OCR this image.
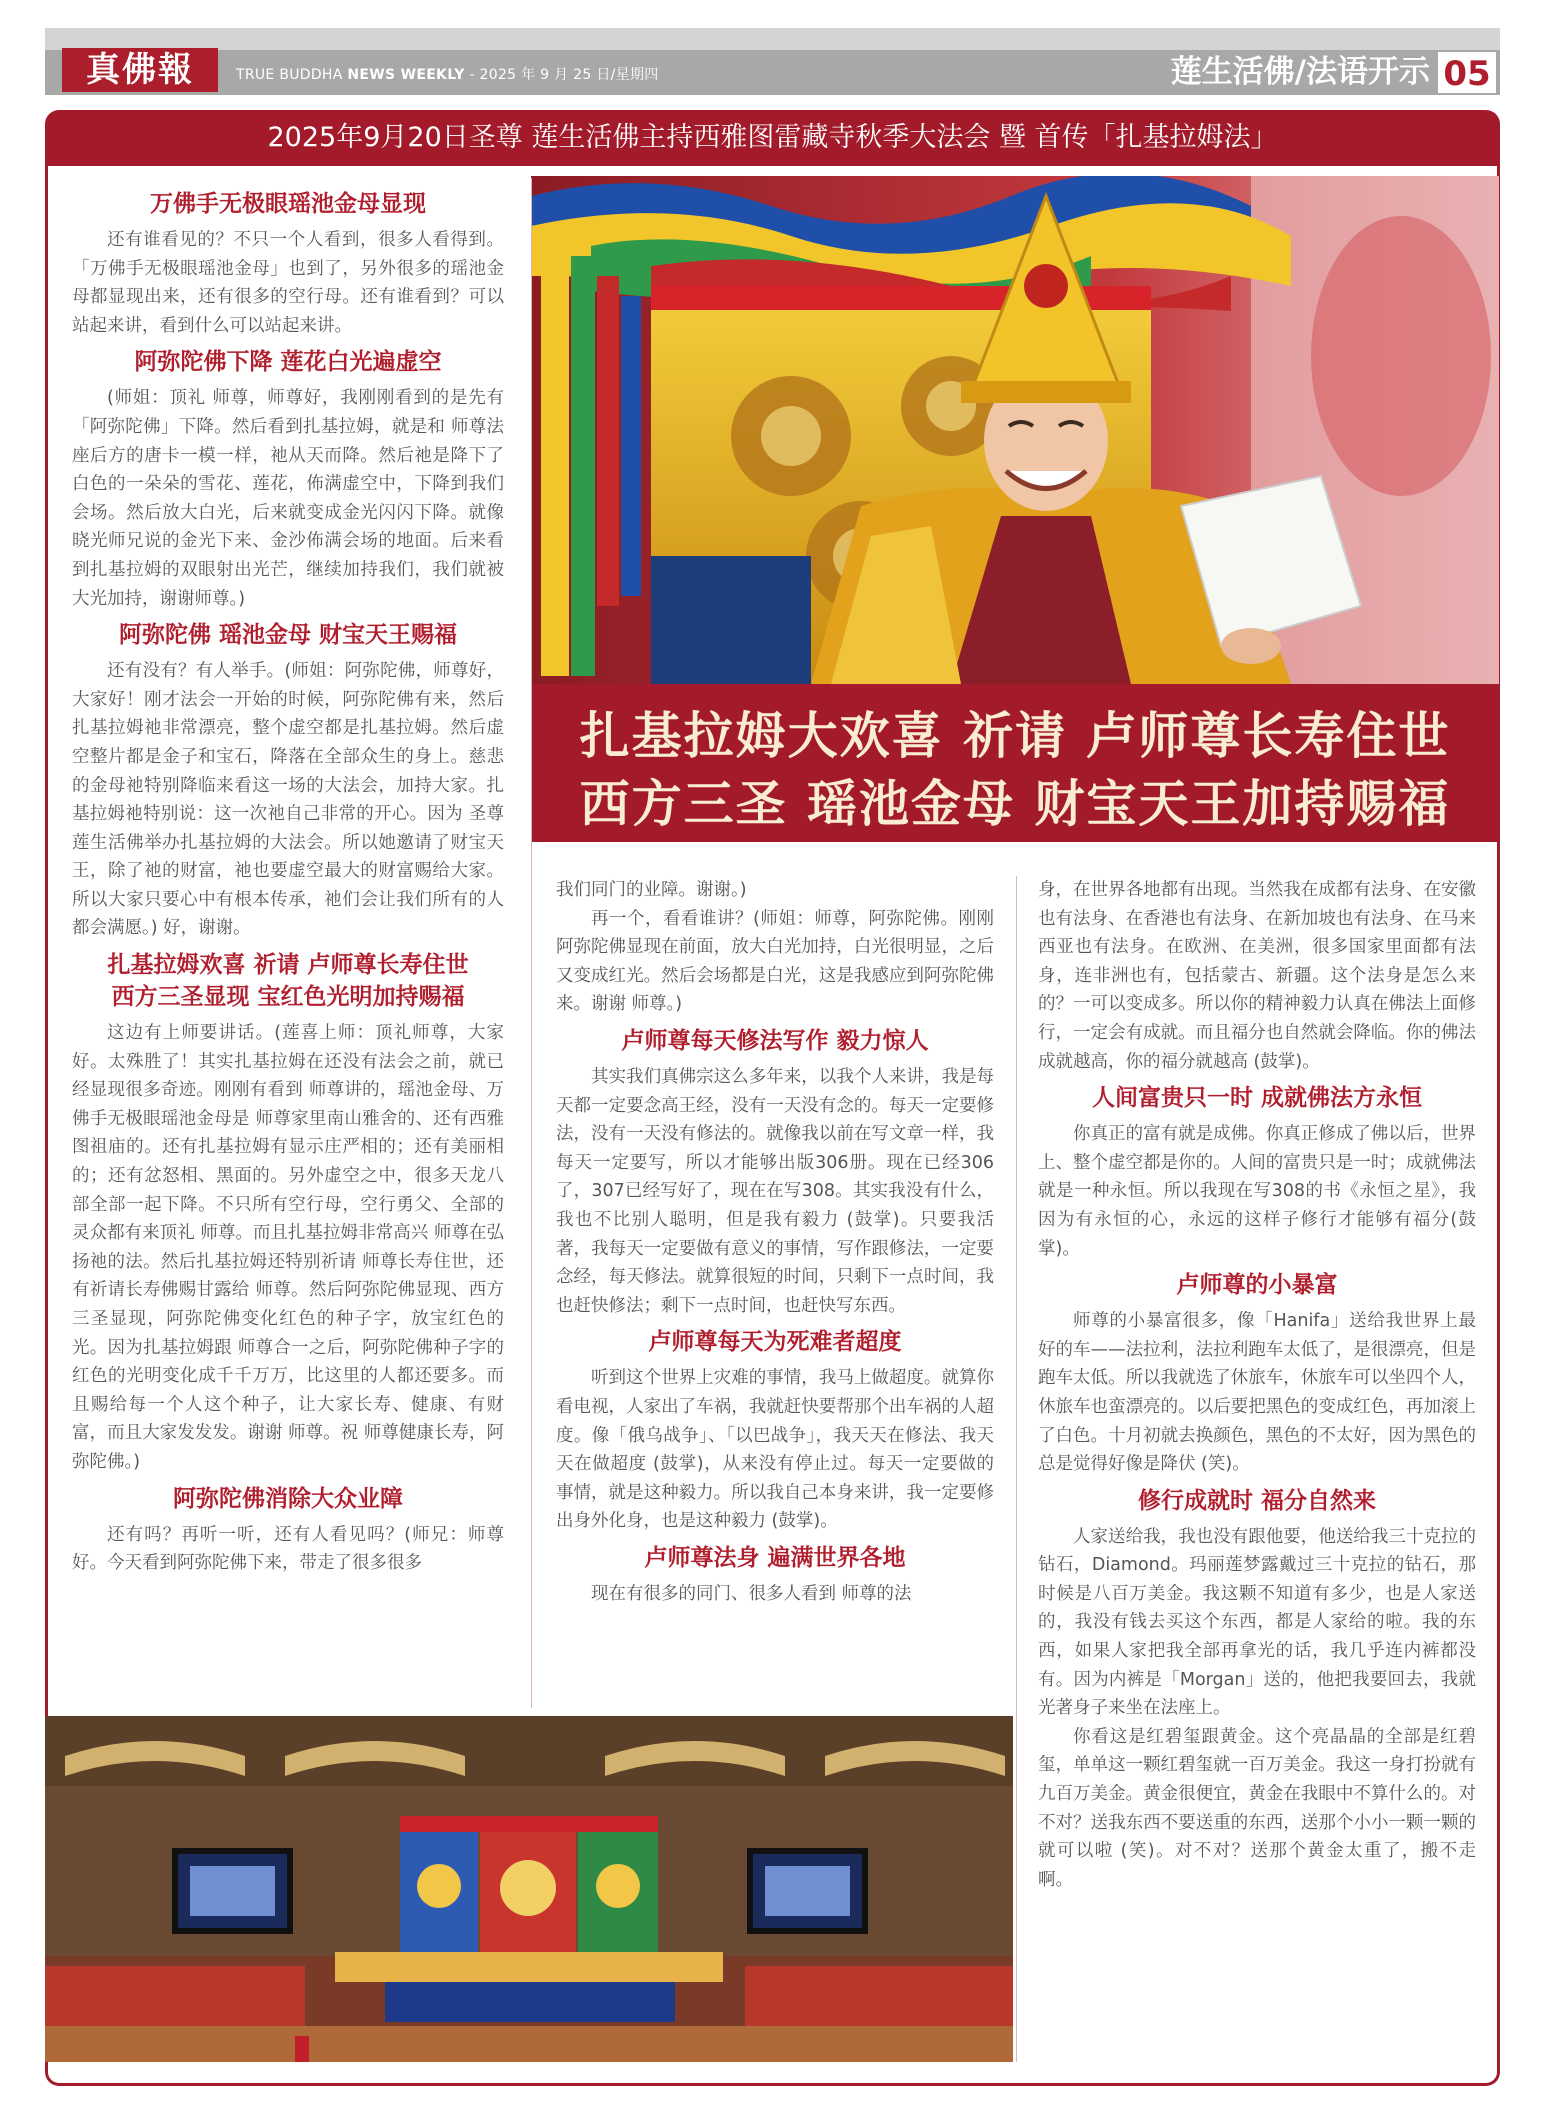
真佛報	TRUE BUDDHA NEWS WEEKLY - 2025 年 9 月 25 日/星期四	莲生活佛/法语开示 05
2025年9月20日圣尊 莲生活佛主持西雅图雷藏寺秋季大法会 暨 首传「扎基拉姆法」
扎基拉姆大欢喜 祈请 卢师尊长寿住世
西方三圣 瑶池金母 财宝天王加持赐福
万佛手无极眼瑶池金母显现

还有谁看见的？不只一个人看到，很多人看得到。「万佛手无极眼瑶池金母」也到了，另外很多的瑶池金母都显现出来，还有很多的空行母。还有谁看到？可以站起来讲，看到什么可以站起来讲。

阿弥陀佛下降 莲花白光遍虚空

(师姐：顶礼 师尊，师尊好，我刚刚看到的是先有「阿弥陀佛」下降。然后看到扎基拉姆，就是和 师尊法座后方的唐卡一模一样，祂从天而降。然后祂是降下了白色的一朵朵的雪花、莲花，佈满虚空中，下降到我们会场。然后放大白光，后来就变成金光闪闪下降。就像晓光师兄说的金光下来、金沙佈满会场的地面。后来看到扎基拉姆的双眼射出光芒，继续加持我们，我们就被大光加持，谢谢师尊。)

阿弥陀佛 瑶池金母 财宝天王赐福

还有没有？有人举手。(师姐：阿弥陀佛，师尊好，大家好！刚才法会一开始的时候，阿弥陀佛有来，然后扎基拉姆祂非常漂亮，整个虚空都是扎基拉姆。然后虚空整片都是金子和宝石，降落在全部众生的身上。慈悲的金母祂特别降临来看这一场的大法会，加持大家。扎基拉姆祂特别说：这一次祂自己非常的开心。因为 圣尊莲生活佛举办扎基拉姆的大法会。所以她邀请了财宝天王，除了祂的财富，祂也要虚空最大的财富赐给大家。所以大家只要心中有根本传承，祂们会让我们所有的人都会满愿。) 好，谢谢。

扎基拉姆欢喜 祈请 卢师尊长寿住世
西方三圣显现 宝红色光明加持赐福

这边有上师要讲话。(莲喜上师：顶礼师尊，大家好。太殊胜了！其实扎基拉姆在还没有法会之前，就已经显现很多奇迹。刚刚有看到 师尊讲的，瑶池金母、万佛手无极眼瑶池金母是 师尊家里南山雅舍的、还有西雅图祖庙的。还有扎基拉姆有显示庄严相的；还有美丽相的；还有忿怒相、黑面的。另外虚空之中，很多天龙八部全部一起下降。不只所有空行母，空行勇父、全部的灵众都有来顶礼 师尊。而且扎基拉姆非常高兴 师尊在弘扬祂的法。然后扎基拉姆还特别祈请 师尊长寿住世，还有祈请长寿佛赐甘露给 师尊。然后阿弥陀佛显现、西方三圣显现，阿弥陀佛变化红色的种子字，放宝红色的光。因为扎基拉姆跟 师尊合一之后，阿弥陀佛种子字的红色的光明变化成千千万万，比这里的人都还要多。而且赐给每一个人这个种子，让大家长寿、健康、有财富，而且大家发发发。谢谢 师尊。祝 师尊健康长寿，阿弥陀佛。)

阿弥陀佛消除大众业障

还有吗？再听一听，还有人看见吗？(师兄：师尊好。今天看到阿弥陀佛下来，带走了很多很多

我们同门的业障。谢谢。)

再一个，看看谁讲？(师姐：师尊，阿弥陀佛。刚刚阿弥陀佛显现在前面，放大白光加持，白光很明显，之后又变成红光。然后会场都是白光，这是我感应到阿弥陀佛来。谢谢 师尊。)

卢师尊每天修法写作 毅力惊人

其实我们真佛宗这么多年来，以我个人来讲，我是每天都一定要念高王经，没有一天没有念的。每天一定要修法，没有一天没有修法的。就像我以前在写文章一样，我每天一定要写，所以才能够出版306册。现在已经306了，307已经写好了，现在在写308。其实我没有什么，我也不比别人聪明，但是我有毅力 (鼓掌)。只要我活著，我每天一定要做有意义的事情，写作跟修法，一定要念经，每天修法。就算很短的时间，只剩下一点时间，我也赶快修法；剩下一点时间，也赶快写东西。

卢师尊每天为死难者超度

听到这个世界上灾难的事情，我马上做超度。就算你看电视，人家出了车祸，我就赶快要帮那个出车祸的人超度。像「俄乌战争」、「以巴战争」，我天天在修法、我天天在做超度 (鼓掌)，从来没有停止过。每天一定要做的事情，就是这种毅力。所以我自己本身来讲，我一定要修出身外化身，也是这种毅力 (鼓掌)。

卢师尊法身 遍满世界各地

现在有很多的同门、很多人看到 师尊的法

身，在世界各地都有出现。当然我在成都有法身、在安徽也有法身、在香港也有法身、在新加坡也有法身、在马来西亚也有法身。在欧洲、在美洲，很多国家里面都有法身，连非洲也有，包括蒙古、新疆。这个法身是怎么来的？一可以变成多。所以你的精神毅力认真在佛法上面修行，一定会有成就。而且福分也自然就会降临。你的佛法成就越高，你的福分就越高 (鼓掌)。

人间富贵只一时 成就佛法方永恒

你真正的富有就是成佛。你真正修成了佛以后，世界上、整个虚空都是你的。人间的富贵只是一时；成就佛法就是一种永恒。所以我现在写308的书《永恒之星》，我因为有永恒的心，永远的这样子修行才能够有福分(鼓掌)。

卢师尊的小暴富

师尊的小暴富很多，像「Hanifa」送给我世界上最好的车——法拉利，法拉利跑车太低了，是很漂亮，但是跑车太低。所以我就选了休旅车，休旅车可以坐四个人，休旅车也蛮漂亮的。以后要把黑色的变成红色，再加滚上了白色。十月初就去换颜色，黑色的不太好，因为黑色的总是觉得好像是降伏 (笑)。

修行成就时 福分自然来

人家送给我，我也没有跟他要，他送给我三十克拉的钻石，Diamond。玛丽莲梦露戴过三十克拉的钻石，那时候是八百万美金。我这颗不知道有多少，也是人家送的，我没有钱去买这个东西，都是人家给的啦。我的东西，如果人家把我全部再拿光的话，我几乎连内裤都没有。因为内裤是「Morgan」送的，他把我要回去，我就光著身子来坐在法座上。

你看这是红碧玺跟黄金。这个亮晶晶的全部是红碧玺，单单这一颗红碧玺就一百万美金。我这一身打扮就有九百万美金。黄金很便宜，黄金在我眼中不算什么的。对不对？送我东西不要送重的东西，送那个小小一颗一颗的就可以啦 (笑)。对不对？送那个黄金太重了，搬不走啊。
